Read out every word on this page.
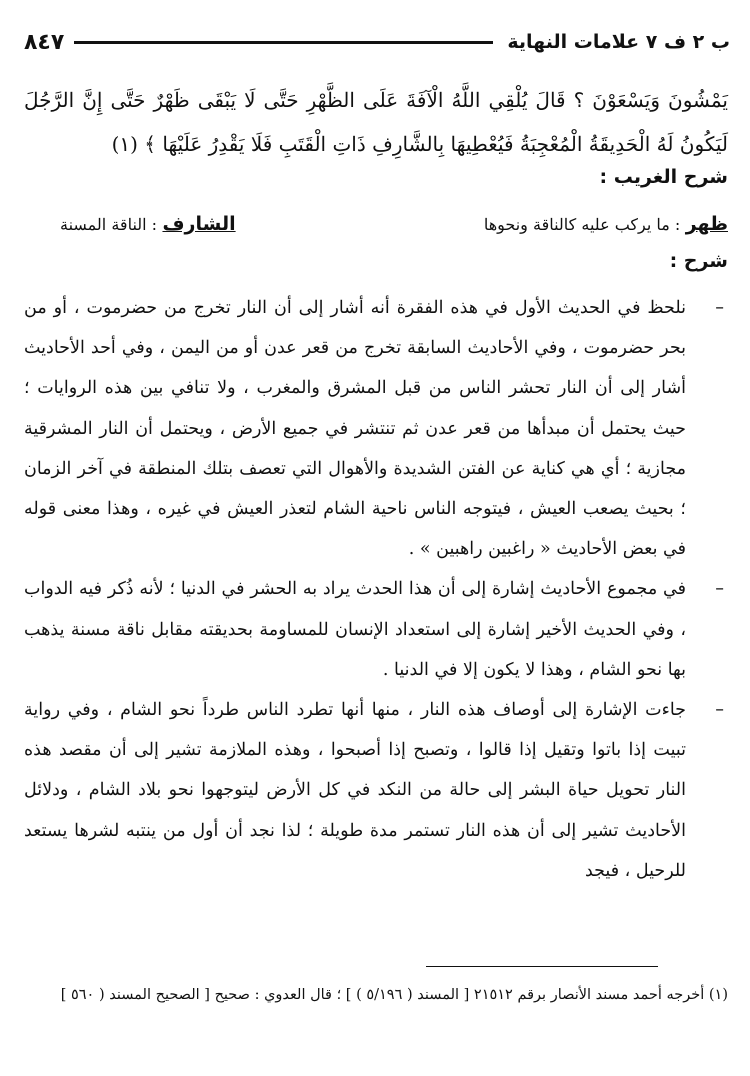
ب ٢ ف ٧ علامات النهاية
٨٤٧

يَمْشُونَ وَيَسْعَوْنَ ؟ قَالَ يُلْقِي اللَّهُ الْآفَةَ عَلَى الظَّهْرِ حَتَّى لَا يَبْقَى ظَهْرٌ حَتَّى إِنَّ الرَّجُلَ لَيَكُونُ لَهُ الْحَدِيقَةُ الْمُعْجِبَةُ فَيُعْطِيهَا بِالشَّارِفِ ذَاتِ الْقَتَبِ فَلَا يَقْدِرُ عَلَيْهَا ﴾ (١)

شرح الغريب :
ظهر : ما يركب عليه كالناقة ونحوها
الشارف : الناقة المسنة
شرح :
–
نلحظ في الحديث الأول في هذه الفقرة أنه أشار إلى أن النار تخرج من حضرموت ، أو من بحر حضرموت ، وفي الأحاديث السابقة تخرج من قعر عدن أو من اليمن ، وفي أحد الأحاديث أشار إلى أن النار تحشر الناس من قبل المشرق والمغرب ، ولا تنافي بين هذه الروايات ؛ حيث يحتمل أن مبدأها من قعر عدن ثم تنتشر في جميع الأرض ، ويحتمل أن النار المشرقية مجازية ؛ أي هي كناية عن الفتن الشديدة والأهوال التي تعصف بتلك المنطقة في آخر الزمان ؛ بحيث يصعب العيش ، فيتوجه الناس ناحية الشام لتعذر العيش في غيره ، وهذا معنى قوله في بعض الأحاديث « راغبين راهبين » .
–
في مجموع الأحاديث إشارة إلى أن هذا الحدث يراد به الحشر في الدنيا ؛ لأنه ذُكر فيه الدواب ، وفي الحديث الأخير إشارة إلى استعداد الإنسان للمساومة بحديقته مقابل ناقة مسنة يذهب بها نحو الشام ، وهذا لا يكون إلا في الدنيا .
–
جاءت الإشارة إلى أوصاف هذه النار ، منها أنها تطرد الناس طرداً نحو الشام ، وفي رواية تبيت إذا باتوا وتقيل إذا قالوا ، وتصبح إذا أصبحوا ، وهذه الملازمة تشير إلى أن مقصد هذه النار تحويل حياة البشر إلى حالة من النكد في كل الأرض ليتوجهوا نحو بلاد الشام ، ودلائل الأحاديث تشير إلى أن هذه النار تستمر مدة طويلة ؛ لذا نجد أن أول من ينتبه لشرها يستعد للرحيل ، فيجد

(١) أخرجه أحمد مسند الأنصار برقم ٢١٥١٢ [ المسند ( ٥/١٩٦ ) ] ؛ قال العدوي : صحيح [ الصحيح المسند ( ٥٦٠ ]
